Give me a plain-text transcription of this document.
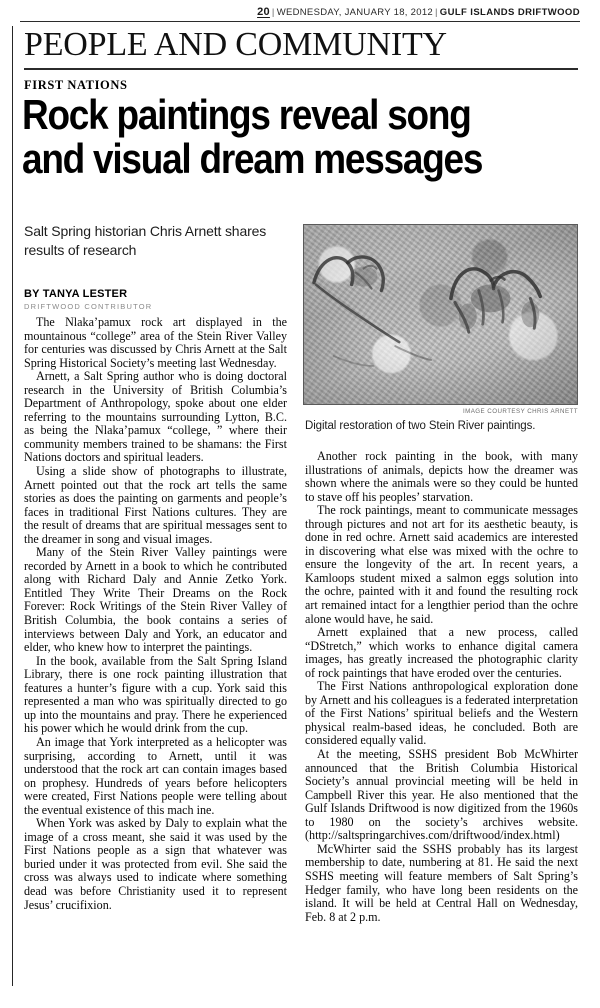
20 | WEDNESDAY, JANUARY 18, 2012 | GULF ISLANDS DRIFTWOOD
PEOPLE AND COMMUNITY
FIRST NATIONS
Rock paintings reveal song
and visual dream messages
Salt Spring historian Chris Arnett shares results of research
BY TANYA LESTER
DRIFTWOOD CONTRIBUTOR
IMAGE COURTESY CHRIS ARNETT
Digital restoration of two Stein River paintings.

The Nlaka’pamux rock art displayed in the mountainous “college” area of the Stein River Valley for centuries was discussed by Chris Arnett at the Salt Spring Historical Society’s meeting last Wednesday.

Arnett, a Salt Spring author who is doing doctoral research in the University of British Columbia’s Department of Anthropology, spoke about one elder referring to the mountains surrounding Lytton, B.C. as being the Nlaka’pamux “college, ” where their community members trained to be shamans: the First Nations doctors and spiritual leaders.

Using a slide show of photographs to illustrate, Arnett pointed out that the rock art tells the same stories as does the painting on garments and people’s faces in traditional First Nations cultures. They are the result of dreams that are spiritual messages sent to the dreamer in song and visual images.

Many of the Stein River Valley paintings were recorded by Arnett in a book to which he contributed along with Richard Daly and Annie Zetko York. Entitled They Write Their Dreams on the Rock Forever: Rock Writings of the Stein River Valley of British Columbia, the book contains a series of interviews between Daly and York, an educator and elder, who knew how to interpret the paintings.

In the book, available from the Salt Spring Island Library, there is one rock painting illustration that features a hunter’s figure with a cup. York said this represented a man who was spiritually directed to go up into the mountains and pray. There he experienced his power which he would drink from the cup.

An image that York interpreted as a helicopter was surprising, according to Arnett, until it was understood that the rock art can contain images based on prophesy. Hundreds of years before helicopters were created, First Nations people were telling about the eventual existence of this mach ine.

When York was asked by Daly to explain what the image of a cross meant, she said it was used by the First Nations people as a sign that whatever was buried under it was protected from evil. She said the cross was always used to indicate where something dead was before Christianity used it to represent Jesus’ crucifixion.

Another rock painting in the book, with many illustrations of animals, depicts how the dreamer was shown where the animals were so they could be hunted to stave off his peoples’ starvation.

The rock paintings, meant to communicate messages through pictures and not art for its aesthetic beauty, is done in red ochre. Arnett said academics are interested in discovering what else was mixed with the ochre to ensure the longevity of the art. In recent years, a Kamloops student mixed a salmon eggs solution into the ochre, painted with it and found the resulting rock art remained intact for a lengthier period than the ochre alone would have, he said.

Arnett explained that a new process, called “DStretch,” which works to enhance digital camera images, has greatly increased the photographic clarity of rock paintings that have eroded over the centuries.

The First Nations anthropological exploration done by Arnett and his colleagues is a federated interpretation of the First Nations’ spiritual beliefs and the Western physical realm-based ideas, he concluded. Both are considered equally valid.

At the meeting, SSHS president Bob McWhirter announced that the British Columbia Historical Society’s annual provincial meeting will be held in Campbell River this year. He also mentioned that the Gulf Islands Driftwood is now digitized from the 1960s to 1980 on the society’s archives website. (http://saltspringarchives.com/driftwood/index.html)

McWhirter said the SSHS probably has its largest membership to date, numbering at 81. He said the next SSHS meeting will feature members of Salt Spring’s Hedger family, who have long been residents on the island. It will be held at Central Hall on Wednesday, Feb. 8 at 2 p.m.
